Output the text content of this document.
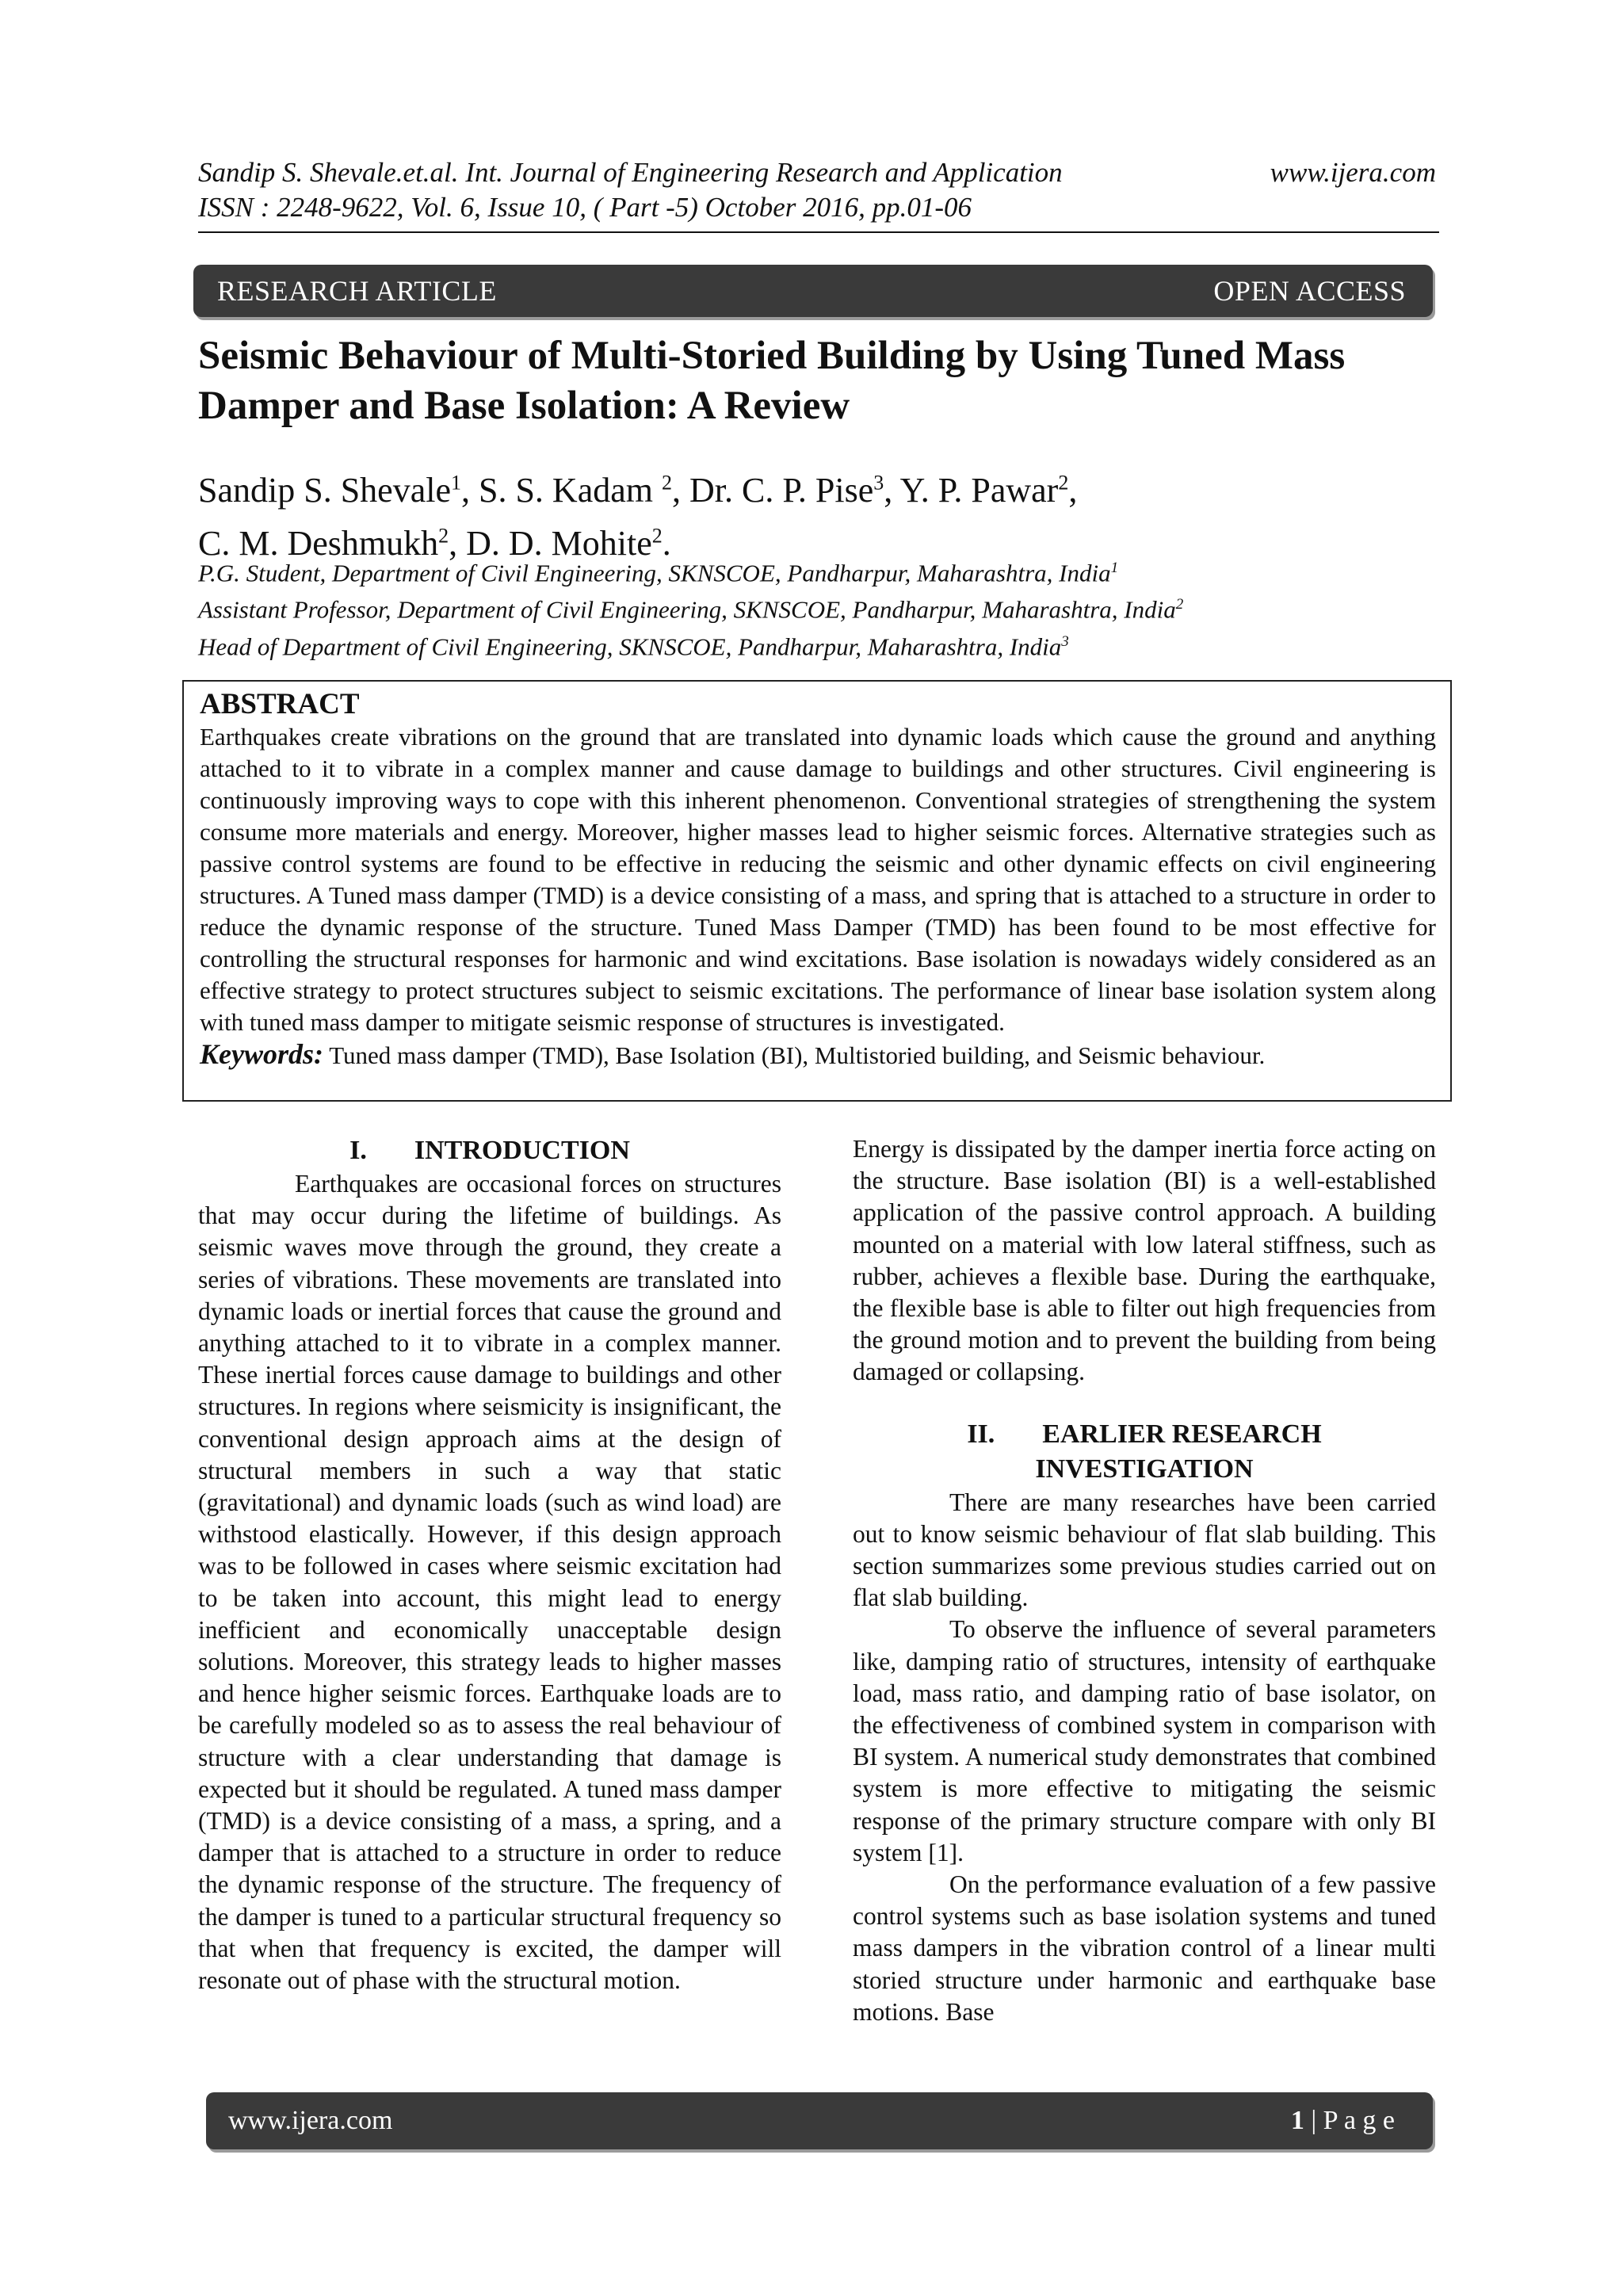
Sandip S. Shevale.et.al. Int. Journal of Engineering Research and Application	www.ijera.com
ISSN : 2248-9622, Vol. 6, Issue 10, ( Part -5) October 2016, pp.01-06
RESEARCH ARTICLE	OPEN ACCESS
Seismic Behaviour of Multi-Storied Building by Using Tuned Mass Damper and Base Isolation: A Review
Sandip S. Shevale$^1$, S. S. Kadam $^2$, Dr. C. P. Pise$^3$, Y. P. Pawar$^2$,
C. M. Deshmukh$^2$, D. D. Mohite$^2$.
P.G. Student, Department of Civil Engineering, SKNSCOE, Pandharpur, Maharashtra, India$^1$
Assistant Professor, Department of Civil Engineering, SKNSCOE, Pandharpur, Maharashtra, India$^2$
Head of Department of Civil Engineering, SKNSCOE, Pandharpur, Maharashtra, India$^3$
ABSTRACT

Earthquakes create vibrations on the ground that are translated into dynamic loads which cause the ground and anything attached to it to vibrate in a complex manner and cause damage to buildings and other structures. Civil engineering is continuously improving ways to cope with this inherent phenomenon. Conventional strategies of strengthening the system consume more materials and energy. Moreover, higher masses lead to higher seismic forces. Alternative strategies such as passive control systems are found to be effective in reducing the seismic and other dynamic effects on civil engineering structures. A Tuned mass damper (TMD) is a device consisting of a mass, and spring that is attached to a structure in order to reduce the dynamic response of the structure. Tuned Mass Damper (TMD) has been found to be most effective for controlling the structural responses for harmonic and wind excitations. Base isolation is nowadays widely considered as an effective strategy to protect structures subject to seismic excitations. The performance of linear base isolation system along with tuned mass damper to mitigate seismic response of structures is investigated.

Keywords: Tuned mass damper (TMD), Base Isolation (BI), Multistoried building, and Seismic behaviour.

I. INTRODUCTION

Earthquakes are occasional forces on structures that may occur during the lifetime of buildings. As seismic waves move through the ground, they create a series of vibrations. These movements are translated into dynamic loads or inertial forces that cause the ground and anything attached to it to vibrate in a complex manner. These inertial forces cause damage to buildings and other structures. In regions where seismicity is insignificant, the conventional design approach aims at the design of structural members in such a way that static (gravitational) and dynamic loads (such as wind load) are withstood elastically. However, if this design approach was to be followed in cases where seismic excitation had to be taken into account, this might lead to energy inefficient and economically unacceptable design solutions. Moreover, this strategy leads to higher masses and hence higher seismic forces. Earthquake loads are to be carefully modeled so as to assess the real behaviour of structure with a clear understanding that damage is expected but it should be regulated. A tuned mass damper (TMD) is a device consisting of a mass, a spring, and a damper that is attached to a structure in order to reduce the dynamic response of the structure. The frequency of the damper is tuned to a particular structural frequency so that when that frequency is excited, the damper will resonate out of phase with the structural motion.

Energy is dissipated by the damper inertia force acting on the structure. Base isolation (BI) is a well-established application of the passive control approach. A building mounted on a material with low lateral stiffness, such as rubber, achieves a flexible base. During the earthquake, the flexible base is able to filter out high frequencies from the ground motion and to prevent the building from being damaged or collapsing.

II. EARLIER RESEARCH
INVESTIGATION

There are many researches have been carried out to know seismic behaviour of flat slab building. This section summarizes some previous studies carried out on flat slab building.

To observe the influence of several parameters like, damping ratio of structures, intensity of earthquake load, mass ratio, and damping ratio of base isolator, on the effectiveness of combined system in comparison with BI system. A numerical study demonstrates that combined system is more effective to mitigating the seismic response of the primary structure compare with only BI system [1].

On the performance evaluation of a few passive control systems such as base isolation systems and tuned mass dampers in the vibration control of a linear multi storied structure under harmonic and earthquake base motions. Base

www.ijera.com	1 | P a g e
